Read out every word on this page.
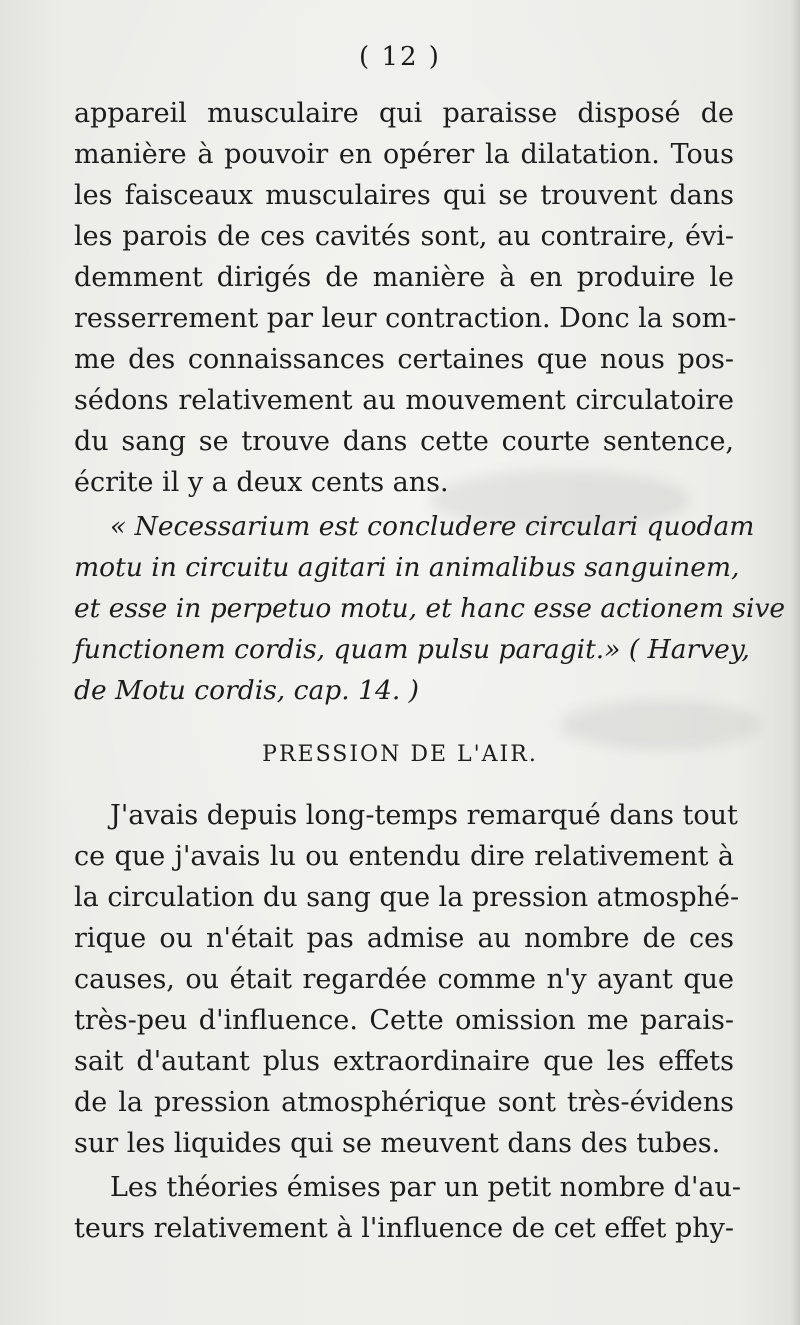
( 12 )
appareil musculaire qui paraisse disposé de
manière à pouvoir en opérer la dilatation. Tous
les faisceaux musculaires qui se trouvent dans
les parois de ces cavités sont, au contraire, évi-
demment dirigés de manière à en produire le
resserrement par leur contraction. Donc la som-
me des connaissances certaines que nous pos-
sédons relativement au mouvement circulatoire
du sang se trouve dans cette courte sentence,
écrite il y a deux cents ans.
« Necessarium est concludere circulari quodam
motu in circuitu agitari in animalibus sanguinem,
et esse in perpetuo motu, et hanc esse actionem sive
functionem cordis, quam pulsu paragit.» ( Harvey,
de Motu cordis, cap. 14. )
PRESSION DE L'AIR.
J'avais depuis long-temps remarqué dans tout
ce que j'avais lu ou entendu dire relativement à
la circulation du sang que la pression atmosphé-
rique ou n'était pas admise au nombre de ces
causes, ou était regardée comme n'y ayant que
très-peu d'influence. Cette omission me parais-
sait d'autant plus extraordinaire que les effets
de la pression atmosphérique sont très-évidens
sur les liquides qui se meuvent dans des tubes.
Les théories émises par un petit nombre d'au-
teurs relativement à l'influence de cet effet phy-
